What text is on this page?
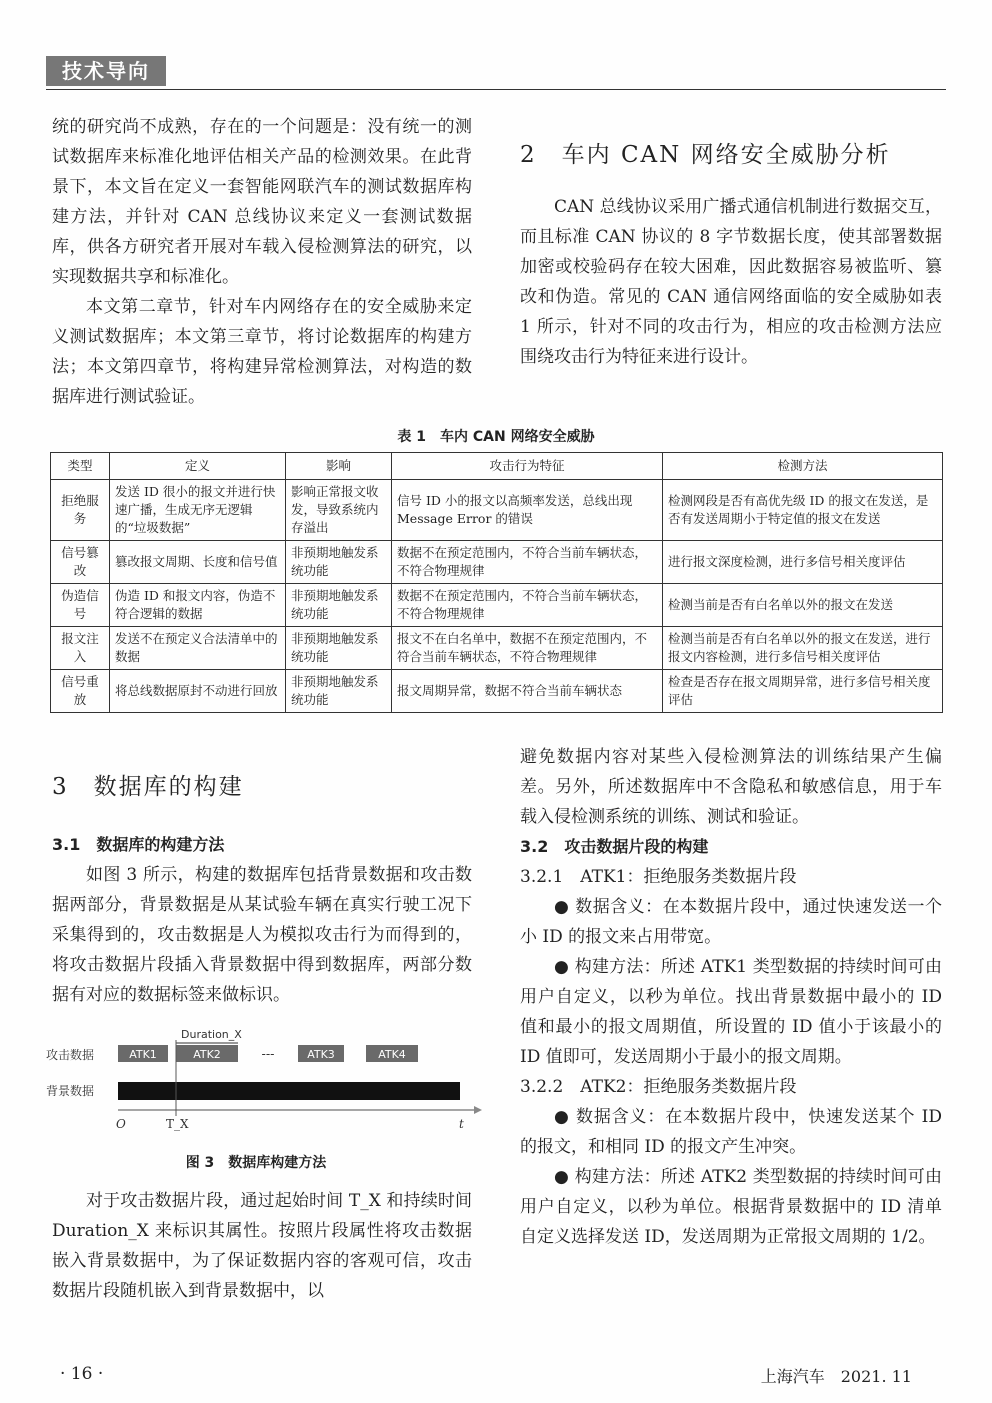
技术导向

统的研究尚不成熟，存在的一个问题是：没有统一的测试数据库来标准化地评估相关产品的检测效果。在此背景下，本文旨在定义一套智能网联汽车的测试数据库构建方法，并针对 CAN 总线协议来定义一套测试数据库，供各方研究者开展对车载入侵检测算法的研究，以实现数据共享和标准化。

本文第二章节，针对车内网络存在的安全威胁来定义测试数据库；本文第三章节，将讨论数据库的构建方法；本文第四章节，将构建异常检测算法，对构造的数据库进行测试验证。

2　车内 CAN 网络安全威胁分析

CAN 总线协议采用广播式通信机制进行数据交互，而且标准 CAN 协议的 8 字节数据长度，使其部署数据加密或校验码存在较大困难，因此数据容易被监听、篡改和伪造。常见的 CAN 通信网络面临的安全威胁如表 1 所示，针对不同的攻击行为，相应的攻击检测方法应围绕攻击行为特征来进行设计。

表 1　车内 CAN 网络安全威胁
类型	定义	影响	攻击行为特征	检测方法
拒绝服务	发送 ID 很小的报文并进行快速广播，生成无序无逻辑的“垃圾数据”	影响正常报文收发，导致系统内存溢出	信号 ID 小的报文以高频率发送，总线出现 Message Error 的错误	检测网段是否有高优先级 ID 的报文在发送，是否有发送周期小于特定值的报文在发送
信号篡改	篡改报文周期、长度和信号值	非预期地触发系统功能	数据不在预定范围内，不符合当前车辆状态，不符合物理规律	进行报文深度检测，进行多信号相关度评估
伪造信号	伪造 ID 和报文内容，伪造不符合逻辑的数据	非预期地触发系统功能	数据不在预定范围内，不符合当前车辆状态，不符合物理规律	检测当前是否有白名单以外的报文在发送
报文注入	发送不在预定义合法清单中的数据	非预期地触发系统功能	报文不在白名单中，数据不在预定范围内，不符合当前车辆状态，不符合物理规律	检测当前是否有白名单以外的报文在发送，进行报文内容检测，进行多信号相关度评估
信号重放	将总线数据原封不动进行回放	非预期地触发系统功能	报文周期异常，数据不符合当前车辆状态	检查是否存在报文周期异常，进行多信号相关度评估
3　数据库的构建
3.1　数据库的构建方法

如图 3 所示，构建的数据库包括背景数据和攻击数据两部分，背景数据是从某试验车辆在真实行驶工况下采集得到的，攻击数据是人为模拟攻击行为而得到的，将攻击数据片段插入背景数据中得到数据库，两部分数据有对应的数据标签来做标识。

攻击数据
背景数据
ATK1	ATK2	---	ATK3	ATK4
Duration_X
O	T_X	t
图 3　数据库构建方法

对于攻击数据片段，通过起始时间 T_X 和持续时间 Duration_X 来标识其属性。按照片段属性将攻击数据嵌入背景数据中，为了保证数据内容的客观可信，攻击数据片段随机嵌入到背景数据中，以

避免数据内容对某些入侵检测算法的训练结果产生偏差。另外，所述数据库中不含隐私和敏感信息，用于车载入侵检测系统的训练、测试和验证。

3.2　攻击数据片段的构建
3.2.1　ATK1：拒绝服务类数据片段

● 数据含义：在本数据片段中，通过快速发送一个小 ID 的报文来占用带宽。

● 构建方法：所述 ATK1 类型数据的持续时间可由用户自定义，以秒为单位。找出背景数据中最小的 ID 值和最小的报文周期值，所设置的 ID 值小于该最小的 ID 值即可，发送周期小于最小的报文周期。

3.2.2　ATK2：拒绝服务类数据片段

● 数据含义：在本数据片段中，快速发送某个 ID 的报文，和相同 ID 的报文产生冲突。

● 构建方法：所述 ATK2 类型数据的持续时间可由用户自定义，以秒为单位。根据背景数据中的 ID 清单自定义选择发送 ID，发送周期为正常报文周期的 1/2。

· 16 ·	上海汽车　2021. 11
